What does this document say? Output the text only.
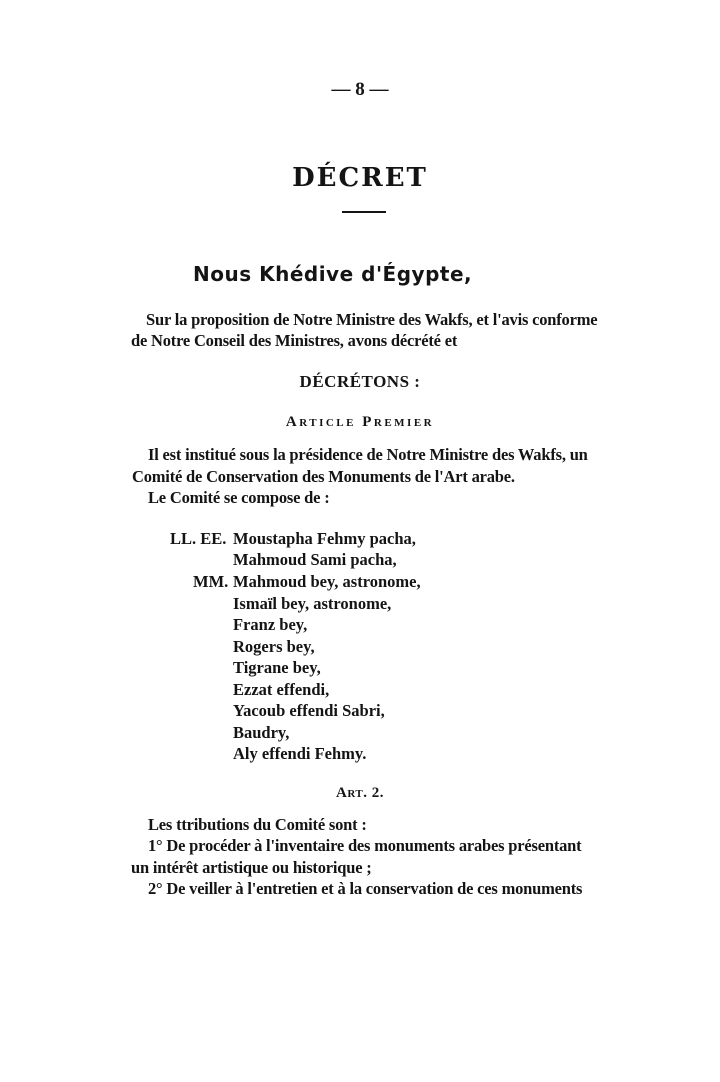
— 8 —
DÉCRET
Nous Khédive d'Égypte,
Sur la proposition de Notre Ministre des Wakfs, et l'avis conforme
de Notre Conseil des Ministres, avons décrété et
DÉCRÉTONS :
Article Premier
Il est institué sous la présidence de Notre Ministre des Wakfs, un
Comité de Conservation des Monuments de l'Art arabe.
Le Comité se compose de :
LL. EE.
MM.
Moustapha Fehmy pacha,
Mahmoud Sami pacha,
Mahmoud bey, astronome,
Ismaïl bey, astronome,
Franz bey,
Rogers bey,
Tigrane bey,
Ezzat effendi,
Yacoub effendi Sabri,
Baudry,
Aly effendi Fehmy.
Art. 2.
Les ttributions du Comité sont :
1° De procéder à l'inventaire des monuments arabes présentant
un intérêt artistique ou historique ;
2° De veiller à l'entretien et à la conservation de ces monuments
